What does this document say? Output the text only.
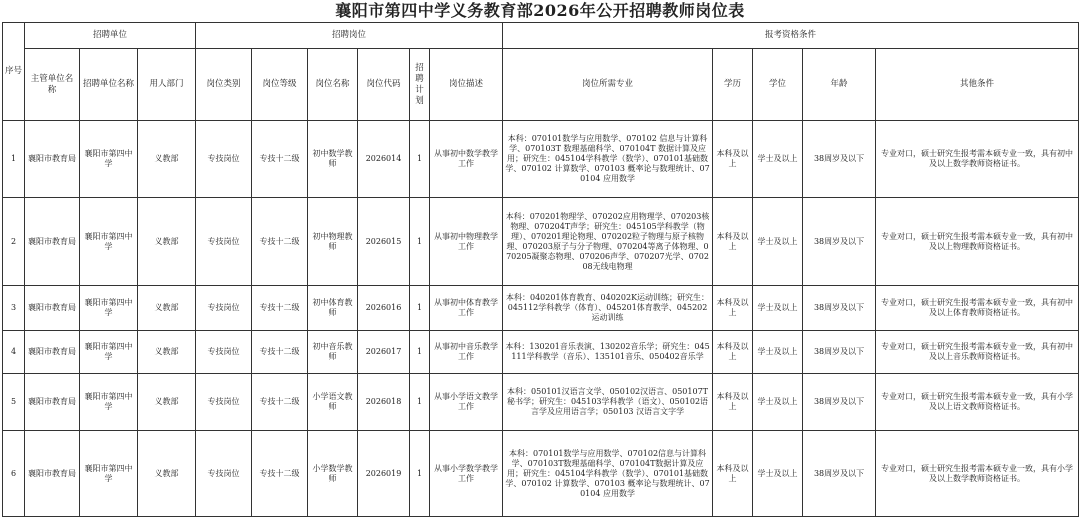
襄阳市第四中学义务教育部2026年公开招聘教师岗位表
序号	招聘单位			招聘岗位						报考资格条件				
	主管单位名称	招聘单位名称	用人部门	岗位类别	岗位等级	岗位名称	岗位代码	招聘计划	岗位描述	岗位所需专业	学历	学位	年龄	其他条件
1	襄阳市教育局	襄阳市第四中学	义教部	专技岗位	专技十二级	初中数学教师	2026014	1	从事初中数学教学工作	本科：070101数学与应用数学、070102 信息与计算科学、070103T 数理基础科学、070104T 数据计算及应用；研究生：045104学科教学（数学）、070101基础数学、070102 计算数学、070103 概率论与数理统计、070104 应用数学	本科及以上	学士及以上	38周岁及以下	专业对口，硕士研究生报考需本硕专业一致，具有初中及以上数学教师资格证书。
2	襄阳市教育局	襄阳市第四中学	义教部	专技岗位	专技十二级	初中物理教师	2026015	1	从事初中物理教学工作	本科：070201物理学、070202应用物理学、070203核物理、070204T声学；研究生：045105学科教学（物理）、070201理论物理、070202粒子物理与原子核物理、070203原子与分子物理、070204等离子体物理、070205凝聚态物理、070206声学、070207光学、070208无线电物理	本科及以上	学士及以上	38周岁及以下	专业对口，硕士研究生报考需本硕专业一致，具有初中及以上物理教师资格证书。
3	襄阳市教育局	襄阳市第四中学	义教部	专技岗位	专技十二级	初中体育教师	2026016	1	从事初中体育教学工作	本科：040201体育教育、040202K运动训练；研究生：045112学科教学（体育）、045201体育教学、045202运动训练	本科及以上	学士及以上	38周岁及以下	专业对口，硕士研究生报考需本硕专业一致，具有初中及以上体育教师资格证书。
4	襄阳市教育局	襄阳市第四中学	义教部	专技岗位	专技十二级	初中音乐教师	2026017	1	从事初中音乐教学工作	本科：130201音乐表演、130202音乐学；研究生：045111学科教学（音乐）、135101音乐、050402音乐学	本科及以上	学士及以上	38周岁及以下	专业对口，硕士研究生报考需本硕专业一致，具有初中及以上音乐教师资格证书。
5	襄阳市教育局	襄阳市第四中学	义教部	专技岗位	专技十二级	小学语文教师	2026018	1	从事小学语文教学工作	本科：050101汉语言文学、050102汉语言、050107T秘书学；研究生：045103学科教学（语文）、050102语言学及应用语言学；050103 汉语言文字学	本科及以上	学士及以上	38周岁及以下	专业对口，硕士研究生报考需本硕专业一致，具有小学及以上语文教师资格证书。
6	襄阳市教育局	襄阳市第四中学	义教部	专技岗位	专技十二级	小学数学教师	2026019	1	从事小学数学教学工作	本科：070101数学与应用数学、070102信息与计算科学、070103T数理基础科学、070104T数据计算及应用；研究生：045104学科教学（数学）、070101基础数学、070102 计算数学、070103 概率论与数理统计、070104 应用数学	本科及以上	学士及以上	38周岁及以下	专业对口，硕士研究生报考需本硕专业一致，具有小学及以上数学教师资格证书。
